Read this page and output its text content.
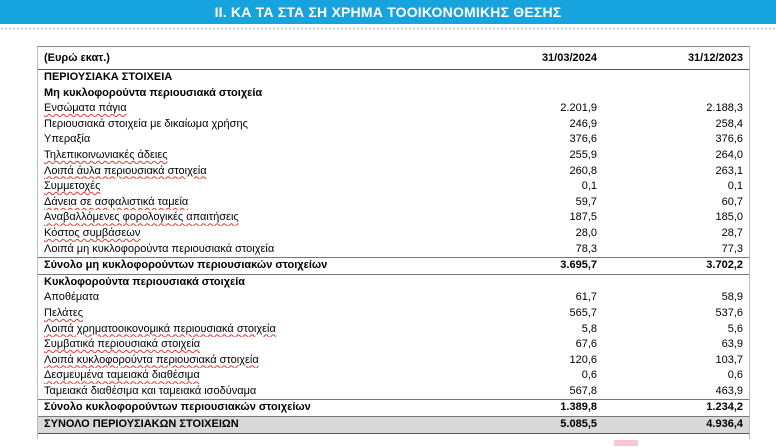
II. ΚΑ ΤΑ ΣΤΑ ΣΗ ΧΡΗΜΑ ΤΟΟΙΚΟΝΟΜΙΚΗΣ ΘΕΣΗΣ
(Ευρώ εκατ.)	31/03/2024	31/12/2023
ΠΕΡΙΟΥΣΙΑΚΑ ΣΤΟΙΧΕΙΑ		
Μη κυκλοφορούντα περιουσιακά στοιχεία		
Ενσώματα πάγια	2.201,9	2.188,3
Περιουσιακά στοιχεία με δικαίωμα χρήσης	246,9	258,4
Υπεραξία	376,6	376,6
Τηλεπικοινωνιακές άδειες	255,9	264,0
Λοιπά άυλα περιουσιακά στοιχεία	260,8	263,1
Συμμετοχές	0,1	0,1
Δάνεια σε ασφαλιστικά ταμεία	59,7	60,7
Αναβαλλόμενες φορολογικές απαιτήσεις	187,5	185,0
Κόστος συμβάσεων	28,0	28,7
Λοιπά μη κυκλοφορούντα περιουσιακά στοιχεία	78,3	77,3
Σύνολο μη κυκλοφορούντων περιουσιακών στοιχείων	3.695,7	3.702,2
Κυκλοφορούντα περιουσιακά στοιχεία		
Αποθέματα	61,7	58,9
Πελάτες	565,7	537,6
Λοιπά χρηματοοικονομικά περιουσιακά στοιχεία	5,8	5,6
Συμβατικά περιουσιακά στοιχεία	67,6	63,9
Λοιπά κυκλοφορούντα περιουσιακά στοιχεία	120,6	103,7
Δεσμευμένα ταμειακά διαθέσιμα	0,6	0,6
Ταμειακά διαθέσιμα και ταμειακά ισοδύναμα	567,8	463,9
Σύνολο κυκλοφορούντων περιουσιακών στοιχείων	1.389,8	1.234,2
ΣΥΝΟΛΟ ΠΕΡΙΟΥΣΙΑΚΩΝ ΣΤΟΙΧΕΙΩΝ	5.085,5	4.936,4
